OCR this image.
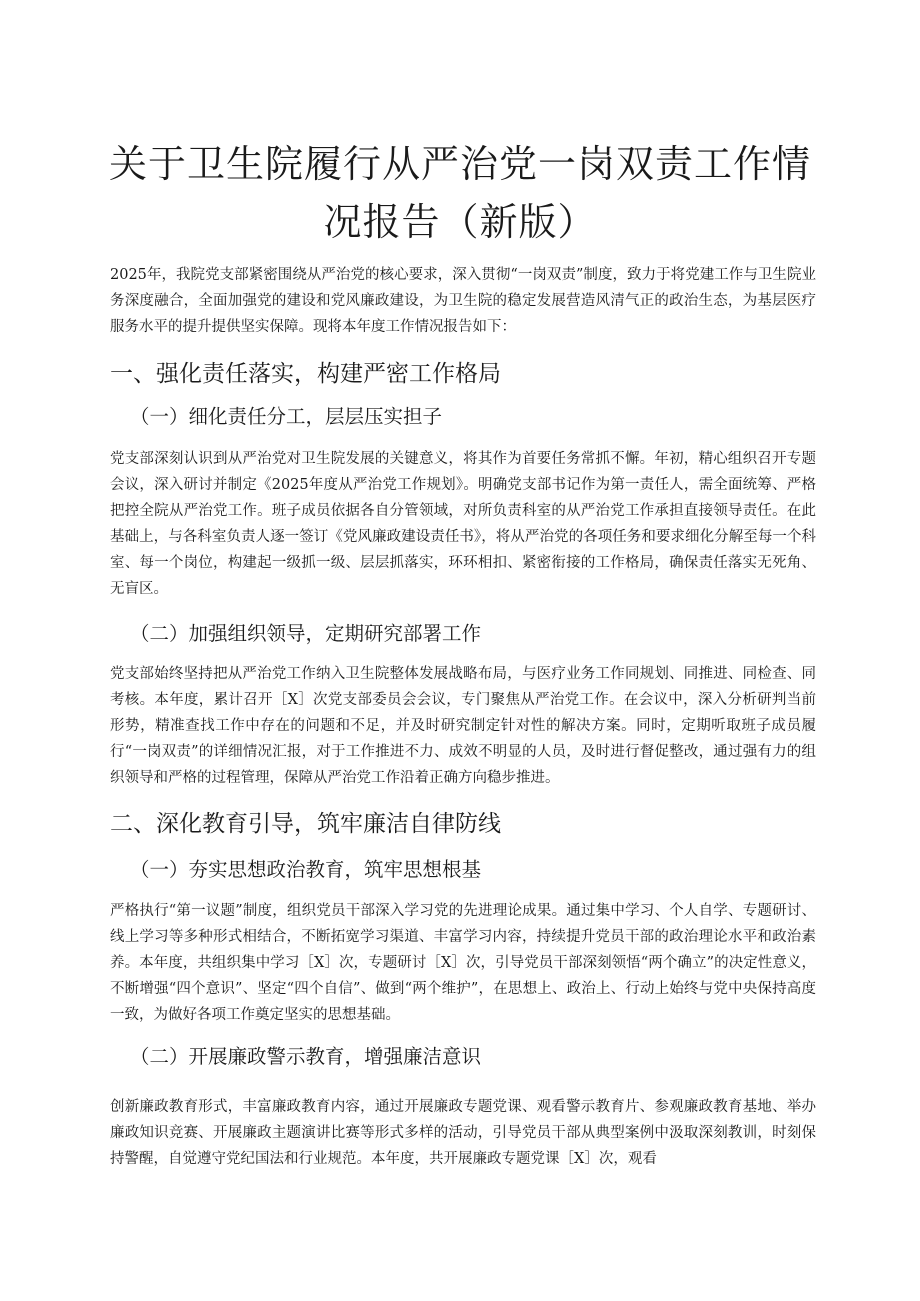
关于卫生院履行从严治党一岗双责工作情
况报告（新版）

2025年，我院党支部紧密围绕从严治党的核心要求，深入贯彻“一岗双责”制度，致力于将党建工作与卫生院业务深度融合，全面加强党的建设和党风廉政建设，为卫生院的稳定发展营造风清气正的政治生态，为基层医疗服务水平的提升提供坚实保障。现将本年度工作情况报告如下：

一、强化责任落实，构建严密工作格局
（一）细化责任分工，层层压实担子

党支部深刻认识到从严治党对卫生院发展的关键意义，将其作为首要任务常抓不懈。年初，精心组织召开专题会议，深入研讨并制定《2025年度从严治党工作规划》。明确党支部书记作为第一责任人，需全面统筹、严格把控全院从严治党工作。班子成员依据各自分管领域，对所负责科室的从严治党工作承担直接领导责任。在此基础上，与各科室负责人逐一签订《党风廉政建设责任书》，将从严治党的各项任务和要求细化分解至每一个科室、每一个岗位，构建起一级抓一级、层层抓落实，环环相扣、紧密衔接的工作格局，确保责任落实无死角、无盲区。

（二）加强组织领导，定期研究部署工作

党支部始终坚持把从严治党工作纳入卫生院整体发展战略布局，与医疗业务工作同规划、同推进、同检查、同考核。本年度，累计召开［X］次党支部委员会会议，专门聚焦从严治党工作。在会议中，深入分析研判当前形势，精准查找工作中存在的问题和不足，并及时研究制定针对性的解决方案。同时，定期听取班子成员履行“一岗双责”的详细情况汇报，对于工作推进不力、成效不明显的人员，及时进行督促整改，通过强有力的组织领导和严格的过程管理，保障从严治党工作沿着正确方向稳步推进。

二、深化教育引导，筑牢廉洁自律防线
（一）夯实思想政治教育，筑牢思想根基

严格执行“第一议题”制度，组织党员干部深入学习党的先进理论成果。通过集中学习、个人自学、专题研讨、线上学习等多种形式相结合，不断拓宽学习渠道、丰富学习内容，持续提升党员干部的政治理论水平和政治素养。本年度，共组织集中学习［X］次，专题研讨［X］次，引导党员干部深刻领悟“两个确立”的决定性意义，不断增强“四个意识”、坚定“四个自信”、做到“两个维护”，在思想上、政治上、行动上始终与党中央保持高度一致，为做好各项工作奠定坚实的思想基础。

（二）开展廉政警示教育，增强廉洁意识

创新廉政教育形式，丰富廉政教育内容，通过开展廉政专题党课、观看警示教育片、参观廉政教育基地、举办廉政知识竞赛、开展廉政主题演讲比赛等形式多样的活动，引导党员干部从典型案例中汲取深刻教训，时刻保持警醒，自觉遵守党纪国法和行业规范。本年度，共开展廉政专题党课［X］次，观看
